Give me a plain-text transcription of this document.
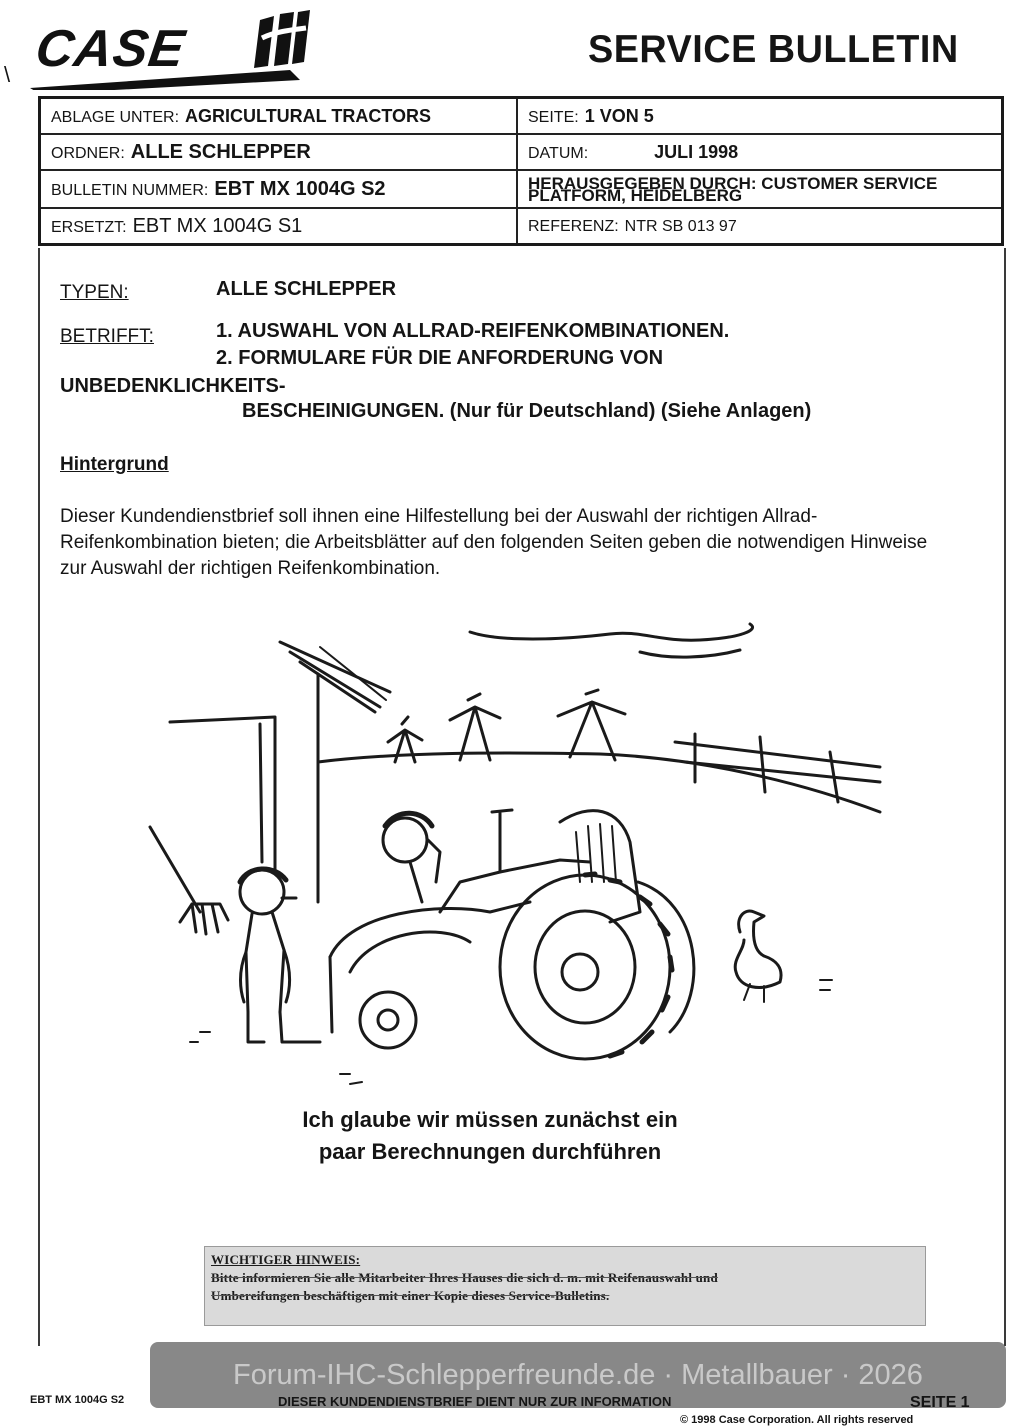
\ CASE	SERVICE BULLETIN
ABLAGE UNTER: AGRICULTURAL TRACTORS	SEITE: 1 VON 5
ORDNER: ALLE SCHLEPPER	DATUM: JULI 1998
BULLETIN NUMMER: EBT MX 1004G S2	HERAUSGEGEBEN DURCH: CUSTOMER SERVICE PLATFORM, HEIDELBERG
ERSETZT: EBT MX 1004G S1	REFERENZ: NTR SB 013 97
TYPEN:	ALLE SCHLEPPER
BETRIFFT:	1. AUSWAHL VON ALLRAD-REIFENKOMBINATIONEN.
2. FORMULARE FÜR DIE ANFORDERUNG VON
UNBEDENKLICHKEITS-
BESCHEINIGUNGEN. (Nur für Deutschland) (Siehe Anlagen)
Hintergrund
Dieser Kundendienstbrief soll ihnen eine Hilfestellung bei der Auswahl der richtigen Allrad-Reifenkombination bieten; die Arbeitsblätter auf den folgenden Seiten geben die notwendigen Hinweise zur Auswahl der richtigen Reifenkombination.
Ich glaube wir müssen zunächst ein
paar Berechnungen durchführen
WICHTIGER HINWEIS:
Bitte informieren Sie alle Mitarbeiter Ihres Hauses die sich d. m. mit Reifenauswahl und
Umbereifungen beschäftigen mit einer Kopie dieses Service-Bulletins.
Forum-IHC-Schlepperfreunde.de · Metallbauer · 2026
EBT MX 1004G S2	DIESER KUNDENDIENSTBRIEF DIENT NUR ZUR INFORMATION	SEITE 1
© 1998 Case Corporation. All rights reserved
